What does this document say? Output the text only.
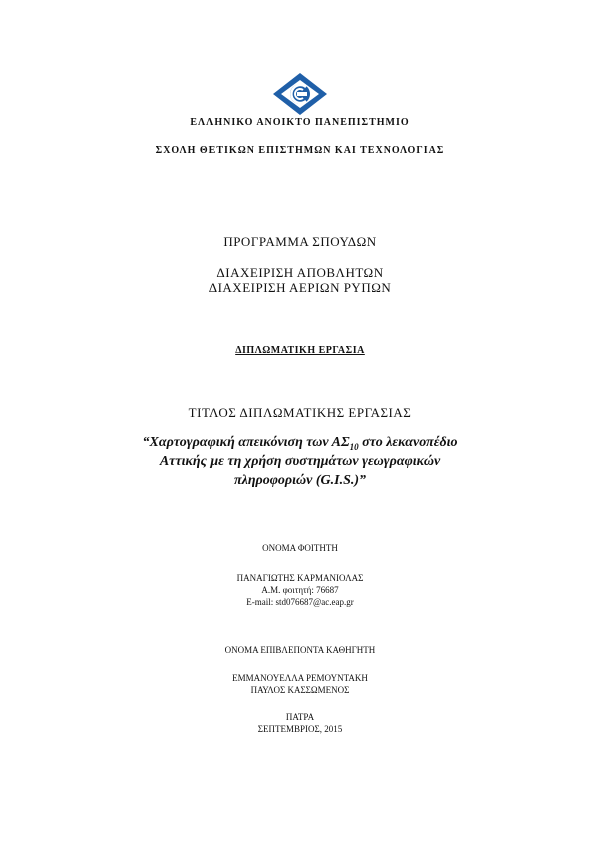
ΕΛΛΗΝΙΚΟ ΑΝΟΙΚΤΟ ΠΑΝΕΠΙΣΤΗΜΙΟ
ΣΧΟΛΗ ΘΕΤΙΚΩΝ ΕΠΙΣΤΗΜΩΝ ΚΑΙ ΤΕΧΝΟΛΟΓΙΑΣ
ΠΡΟΓΡΑΜΜΑ ΣΠΟΥΔΩΝ
ΔΙΑΧΕΙΡΙΣΗ ΑΠΟΒΛΗΤΩΝ
ΔΙΑΧΕΙΡΙΣΗ ΑΕΡΙΩΝ ΡΥΠΩΝ
ΔΙΠΛΩΜΑΤΙΚΗ ΕΡΓΑΣΙΑ
ΤΙΤΛΟΣ ΔΙΠΛΩΜΑΤΙΚΗΣ ΕΡΓΑΣΙΑΣ
“Χαρτογραφική απεικόνιση των $A\Sigma_{10}$ στο λεκανοπέδιο
Αττικής με τη χρήση συστημάτων γεωγραφικών
πληροφοριών (G.I.S.)”
ΟΝΟΜΑ ΦΟΙΤΗΤΗ
ΠΑΝΑΓΙΩΤΗΣ ΚΑΡΜΑΝΙΟΛΑΣ
Α.Μ. φοιτητή: 76687
E-mail: std076687@ac.eap.gr
ΟΝΟΜΑ ΕΠΙΒΛΕΠΟΝΤΑ ΚΑΘΗΓΗΤΗ
ΕΜΜΑΝΟΥΕΛΛΑ ΡΕΜΟΥΝΤΑΚΗ
ΠΑΥΛΟΣ ΚΑΣΣΩΜΕΝΟΣ
ΠΑΤΡΑ
ΣΕΠΤΕΜΒΡΙΟΣ, 2015
